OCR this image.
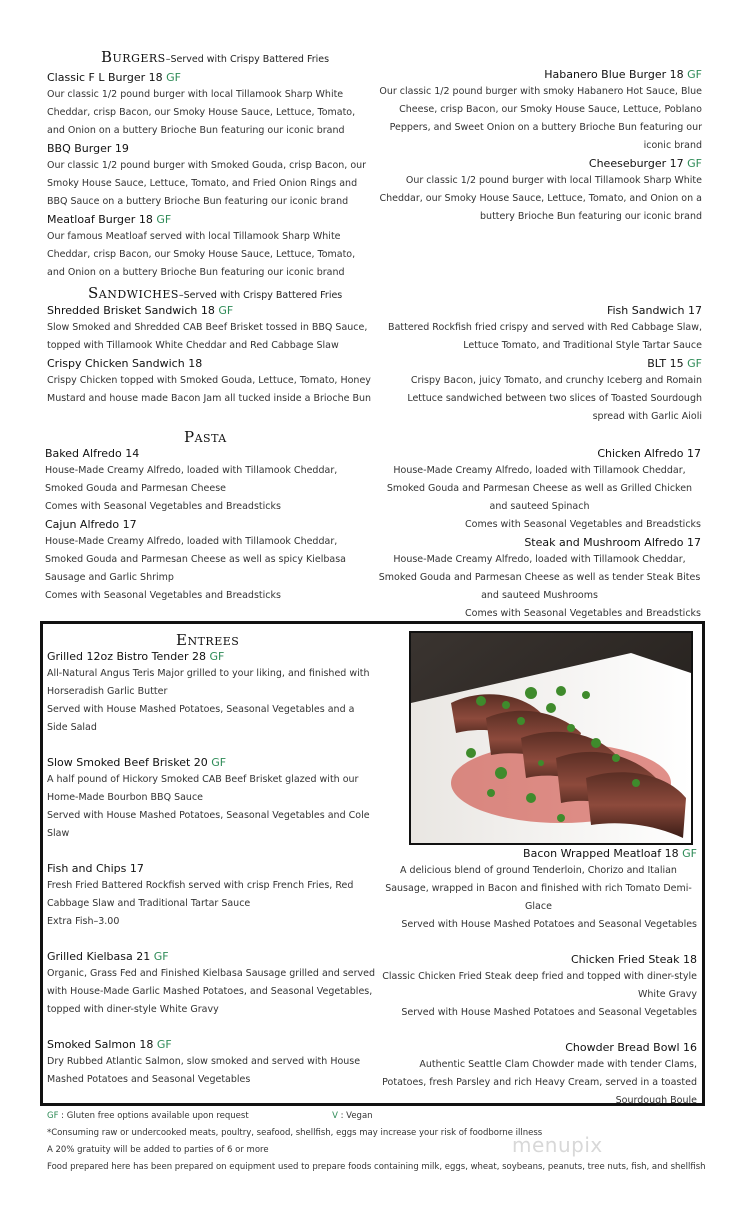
Burgers–Served with Crispy Battered Fries
Classic F L Burger 18 GF
Our classic 1/2 pound burger with local Tillamook Sharp White Cheddar, crisp Bacon, our Smoky House Sauce, Lettuce, Tomato, and Onion on a buttery Brioche Bun featuring our iconic brand
BBQ Burger 19
Our classic 1/2 pound burger with Smoked Gouda, crisp Bacon, our Smoky House Sauce, Lettuce, Tomato, and Fried Onion Rings and BBQ Sauce on a buttery Brioche Bun featuring our iconic brand
Meatloaf Burger 18 GF
Our famous Meatloaf served with local Tillamook Sharp White Cheddar, crisp Bacon, our Smoky House Sauce, Lettuce, Tomato, and Onion on a buttery Brioche Bun featuring our iconic brand
Habanero Blue Burger 18 GF
Our classic 1/2 pound burger with smoky Habanero Hot Sauce, Blue Cheese, crisp Bacon, our Smoky House Sauce, Lettuce, Poblano Peppers, and Sweet Onion on a buttery Brioche Bun featuring our iconic brand
Cheeseburger 17 GF
Our classic 1/2 pound burger with local Tillamook Sharp White Cheddar, our Smoky House Sauce, Lettuce, Tomato, and Onion on a buttery Brioche Bun featuring our iconic brand
Sandwiches–Served with Crispy Battered Fries
Shredded Brisket Sandwich 18 GF
Slow Smoked and Shredded CAB Beef Brisket tossed in BBQ Sauce, topped with Tillamook White Cheddar and Red Cabbage Slaw
Crispy Chicken Sandwich 18
Crispy Chicken topped with Smoked Gouda, Lettuce, Tomato, Honey Mustard and house made Bacon Jam all tucked inside a Brioche Bun
Fish Sandwich 17
Battered Rockfish fried crispy and served with Red Cabbage Slaw, Lettuce Tomato, and Traditional Style Tartar Sauce
BLT 15 GF
Crispy Bacon, juicy Tomato, and crunchy Iceberg and Romain Lettuce sandwiched between two slices of Toasted Sourdough spread with Garlic Aioli
Pasta
Baked Alfredo 14
House-Made Creamy Alfredo, loaded with Tillamook Cheddar, Smoked Gouda and Parmesan Cheese
Comes with Seasonal Vegetables and Breadsticks
Cajun Alfredo 17
House-Made Creamy Alfredo, loaded with Tillamook Cheddar, Smoked Gouda and Parmesan Cheese as well as spicy Kielbasa Sausage and Garlic Shrimp
Comes with Seasonal Vegetables and Breadsticks
Chicken Alfredo 17
House-Made Creamy Alfredo, loaded with Tillamook Cheddar, Smoked Gouda and Parmesan Cheese as well as Grilled Chicken and sauteed Spinach
Comes with Seasonal Vegetables and Breadsticks
Steak and Mushroom Alfredo 17
House-Made Creamy Alfredo, loaded with Tillamook Cheddar, Smoked Gouda and Parmesan Cheese as well as tender Steak Bites and sauteed Mushrooms
Comes with Seasonal Vegetables and Breadsticks
Entrees
Grilled 12oz Bistro Tender 28 GF
All-Natural Angus Teris Major grilled to your liking, and finished with Horseradish Garlic Butter
Served with House Mashed Potatoes, Seasonal Vegetables and a Side Salad
Slow Smoked Beef Brisket 20 GF
A half pound of Hickory Smoked CAB Beef Brisket glazed with our Home-Made Bourbon BBQ Sauce
Served with House Mashed Potatoes, Seasonal Vegetables and Cole Slaw
Fish and Chips 17
Fresh Fried Battered Rockfish served with crisp French Fries, Red Cabbage Slaw and Traditional Tartar Sauce
Extra Fish–3.00
Grilled Kielbasa 21 GF
Organic, Grass Fed and Finished Kielbasa Sausage grilled and served with House-Made Garlic Mashed Potatoes, and Seasonal Vegetables, topped with diner-style White Gravy
Smoked Salmon 18 GF
Dry Rubbed Atlantic Salmon, slow smoked and served with House Mashed Potatoes and Seasonal Vegetables
Bacon Wrapped Meatloaf 18 GF
A delicious blend of ground Tenderloin, Chorizo and Italian Sausage, wrapped in Bacon and finished with rich Tomato Demi-Glace
Served with House Mashed Potatoes and Seasonal Vegetables
Chicken Fried Steak 18
Classic Chicken Fried Steak deep fried and topped with diner-style White Gravy
Served with House Mashed Potatoes and Seasonal Vegetables
Chowder Bread Bowl 16
Authentic Seattle Clam Chowder made with tender Clams, Potatoes, fresh Parsley and rich Heavy Cream, served in a toasted Sourdough Boule
GF : Gluten free options available upon request	V : Vegan
*Consuming raw or undercooked meats, poultry, seafood, shellfish, eggs may increase your risk of foodborne illness
A 20% gratuity will be added to parties of 6 or more
Food prepared here has been prepared on equipment used to prepare foods containing milk, eggs, wheat, soybeans, peanuts, tree nuts, fish, and shellfish
menupix
